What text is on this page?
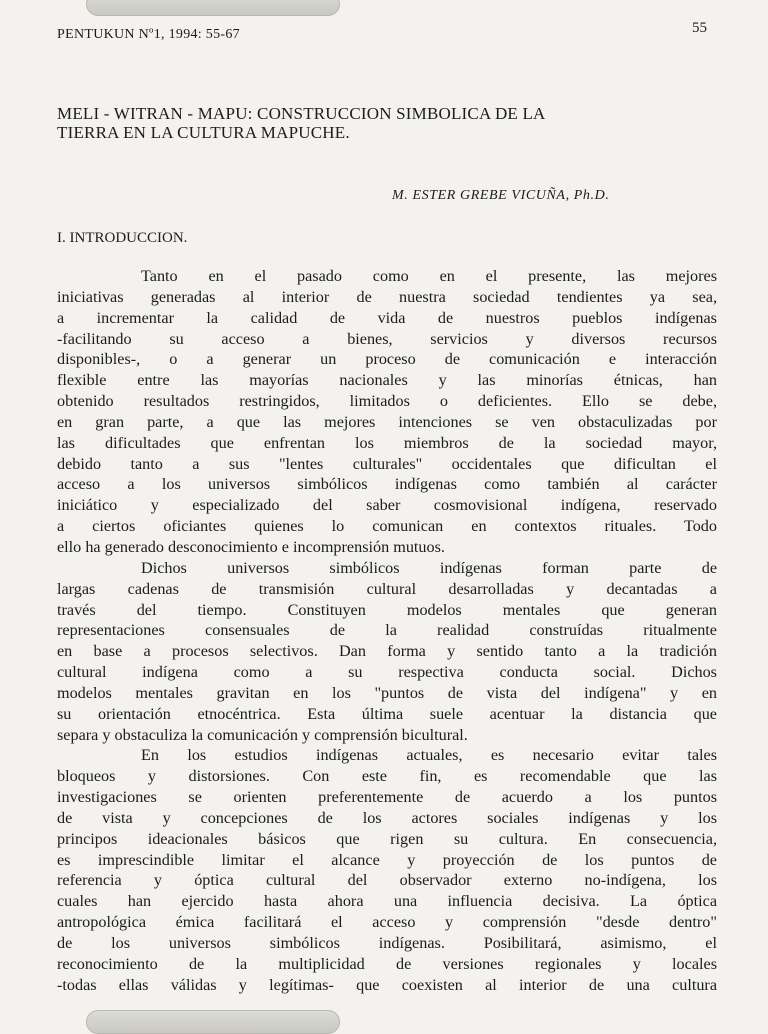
PENTUKUN Nº1, 1994: 55-67	55
MELI - WITRAN - MAPU: CONSTRUCCION SIMBOLICA DE LA
TIERRA EN LA CULTURA MAPUCHE.
M. ESTER GREBE VICUÑA, Ph.D.
I. INTRODUCCION.
Tanto en el pasado como en el presente, las mejores
iniciativas generadas al interior de nuestra sociedad tendientes ya sea,
a incrementar la calidad de vida de nuestros pueblos indígenas
-facilitando su acceso a bienes, servicios y diversos recursos
disponibles-, o a generar un proceso de comunicación e interacción
flexible entre las mayorías nacionales y las minorías étnicas, han
obtenido resultados restringidos, limitados o deficientes. Ello se debe,
en gran parte, a que las mejores intenciones se ven obstaculizadas por
las dificultades que enfrentan los miembros de la sociedad mayor,
debido tanto a sus "lentes culturales" occidentales que dificultan el
acceso a los universos simbólicos indígenas como también al carácter
iniciático y especializado del saber cosmovisional indígena, reservado
a ciertos oficiantes quienes lo comunican en contextos rituales. Todo
ello ha generado desconocimiento e incomprensión mutuos.
Dichos universos simbólicos indígenas forman parte de
largas cadenas de transmisión cultural desarrolladas y decantadas a
través del tiempo. Constituyen modelos mentales que generan
representaciones consensuales de la realidad construídas ritualmente
en base a procesos selectivos. Dan forma y sentido tanto a la tradición
cultural indígena como a su respectiva conducta social. Dichos
modelos mentales gravitan en los "puntos de vista del indígena" y en
su orientación etnocéntrica. Esta última suele acentuar la distancia que
separa y obstaculiza la comunicación y comprensión bicultural.
En los estudios indígenas actuales, es necesario evitar tales
bloqueos y distorsiones. Con este fin, es recomendable que las
investigaciones se orienten preferentemente de acuerdo a los puntos
de vista y concepciones de los actores sociales indígenas y los
principos ideacionales básicos que rigen su cultura. En consecuencia,
es imprescindible limitar el alcance y proyección de los puntos de
referencia y óptica cultural del observador externo no-indígena, los
cuales han ejercido hasta ahora una influencia decisiva. La óptica
antropológica émica facilitará el acceso y comprensión "desde dentro"
de los universos simbólicos indígenas. Posibilitará, asimismo, el
reconocimiento de la multiplicidad de versiones regionales y locales
-todas ellas válidas y legítimas- que coexisten al interior de una cultura
